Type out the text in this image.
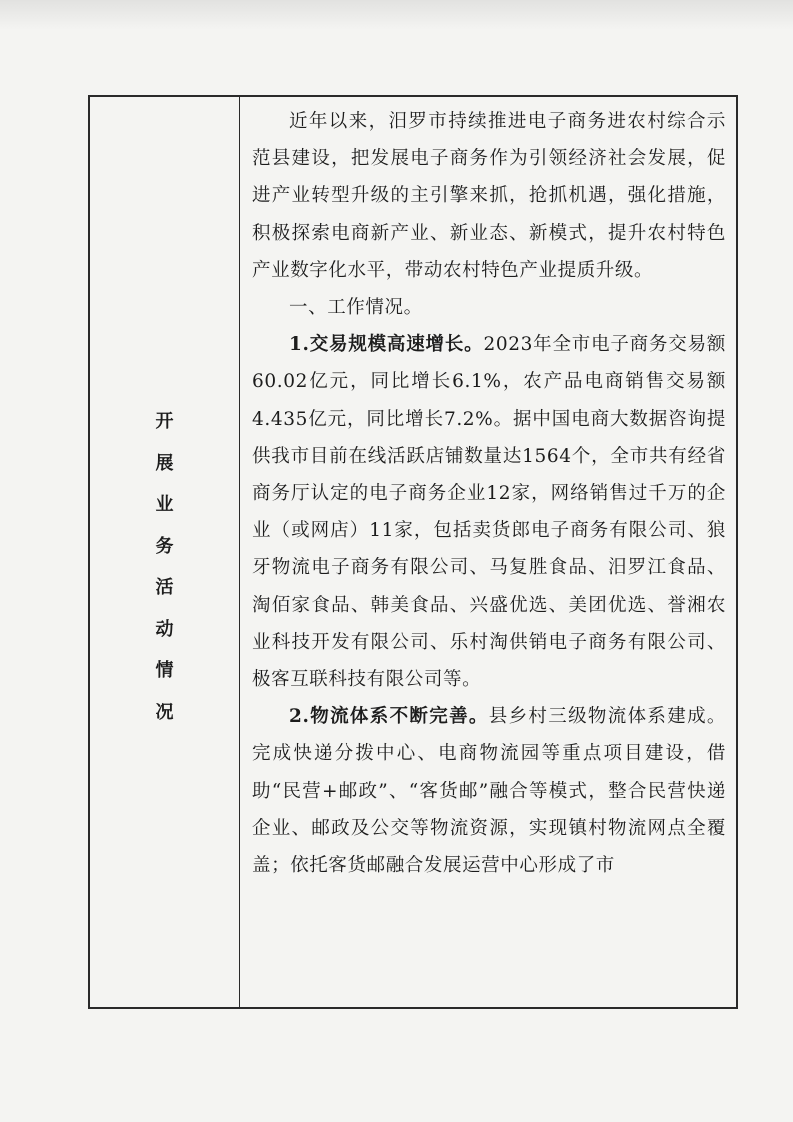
开
展
业
务
活
动
情
况

近年以来，汨罗市持续推进电子商务进农村综合示范县建设，把发展电子商务作为引领经济社会发展，促进产业转型升级的主引擎来抓，抢抓机遇，强化措施，积极探索电商新产业、新业态、新模式，提升农村特色产业数字化水平，带动农村特色产业提质升级。

一、工作情况。

1.交易规模高速增长。2023年全市电子商务交易额60.02亿元，同比增长6.1%，农产品电商销售交易额4.435亿元，同比增长7.2%。据中国电商大数据咨询提供我市目前在线活跃店铺数量达1564个，全市共有经省商务厅认定的电子商务企业12家，网络销售过千万的企业（或网店）11家，包括卖货郎电子商务有限公司、狼牙物流电子商务有限公司、马复胜食品、汨罗江食品、淘佰家食品、韩美食品、兴盛优选、美团优选、誉湘农业科技开发有限公司、乐村淘供销电子商务有限公司、极客互联科技有限公司等。

2.物流体系不断完善。县乡村三级物流体系建成。完成快递分拨中心、电商物流园等重点项目建设，借助“民营+邮政”、“客货邮”融合等模式，整合民营快递企业、邮政及公交等物流资源，实现镇村物流网点全覆盖；依托客货邮融合发展运营中心形成了市
